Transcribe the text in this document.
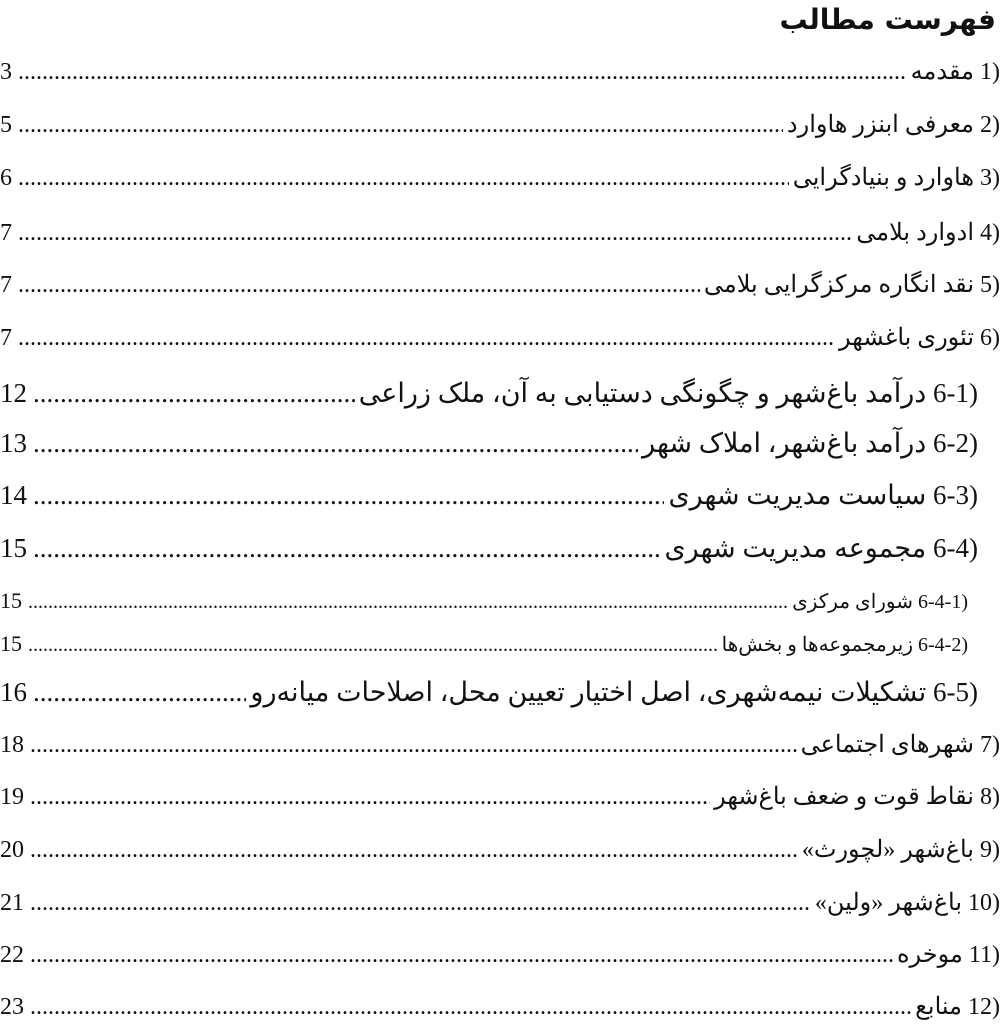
فهرست مطالب
1) مقدمه
.....
3
2) معرفی ابنزر هاوارد
.....
5
3) هاوارد و بنیادگرایی
.....
6
4) ادوارد بلامی
.....
7
5) نقد انگاره مرکزگرایی بلامی
.....
7
6) تئوری باغشهر
.....
7
6-1) درآمد باغ‌شهر و چگونگی دستیابی به آن، ملک زراعی
.....
12
6-2) درآمد باغ‌شهر، املاک شهر
.....
13
6-3) سیاست مدیریت شهری
.....
14
6-4) مجموعه مدیریت شهری
.....
15
6-4-1) شورای مرکزی
.....
15
6-4-2) زیرمجموعه‌ها و بخش‌ها
.....
15
6-5) تشکیلات نیمه‌شهری، اصل اختیار تعیین محل، اصلاحات میانه‌رو
.....
16
7) شهرهای اجتماعی
.....
18
8) نقاط قوت و ضعف باغ‌شهر
.....
19
9) باغ‌شهر «لچورث»
.....
20
10) باغ‌شهر «ولین»
.....
21
11) موخره
.....
22
12) منابع
.....
23
